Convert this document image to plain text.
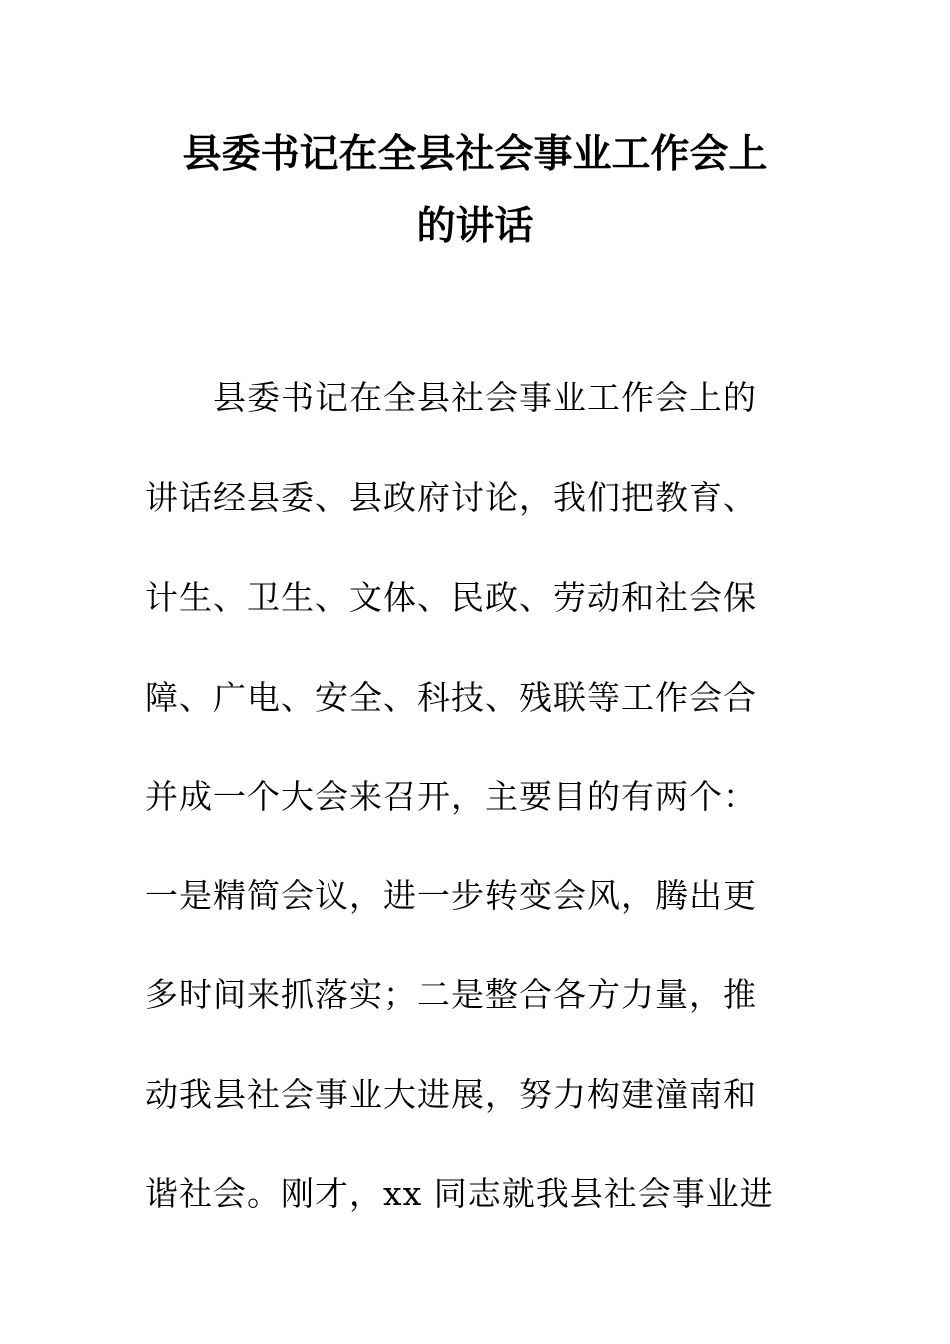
县委书记在全县社会事业工作会上
的讲话
县委书记在全县社会事业工作会上的
讲话经县委、县政府讨论，我们把教育、
计生、卫生、文体、民政、劳动和社会保
障、广电、安全、科技、残联等工作会合
并成一个大会来召开，主要目的有两个：
一是精简会议，进一步转变会风，腾出更
多时间来抓落实；二是整合各方力量，推
动我县社会事业大进展，努力构建潼南和
谐社会。刚才，xx 同志就我县社会事业进
